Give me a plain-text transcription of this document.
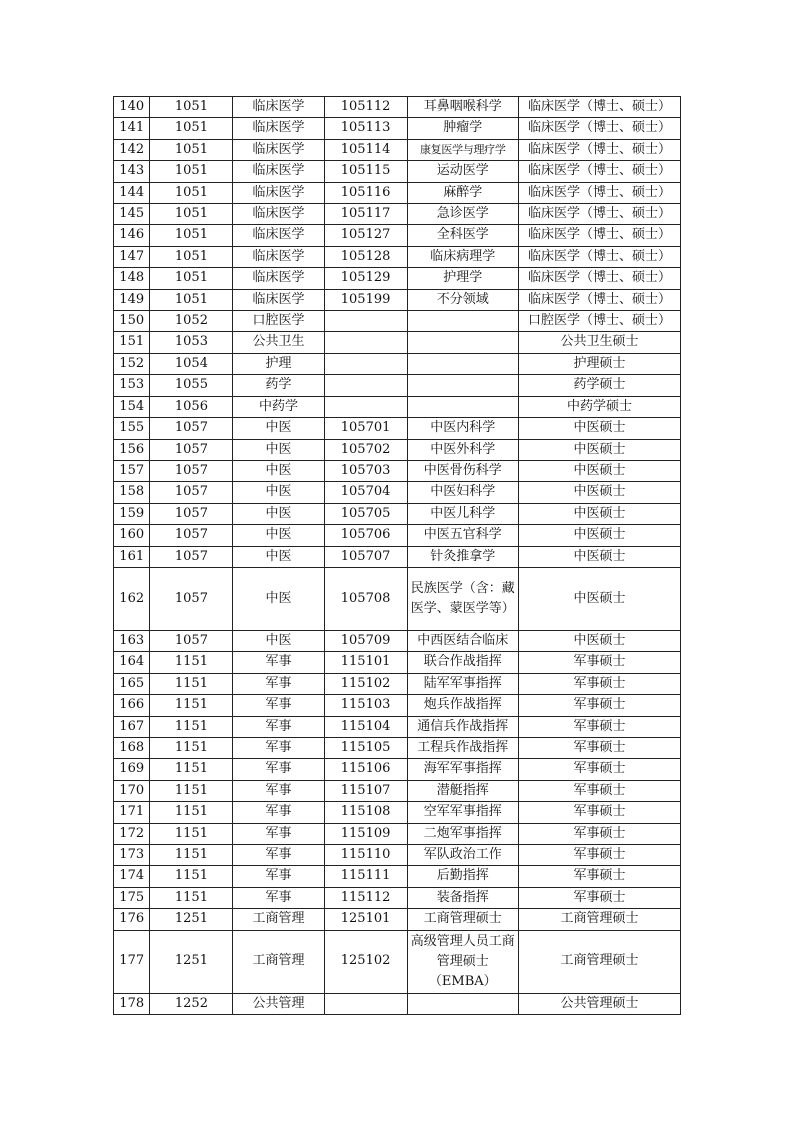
140	1051	临床医学	105112	耳鼻咽喉科学	临床医学（博士、硕士）
141	1051	临床医学	105113	肿瘤学	临床医学（博士、硕士）
142	1051	临床医学	105114	康复医学与理疗学	临床医学（博士、硕士）
143	1051	临床医学	105115	运动医学	临床医学（博士、硕士）
144	1051	临床医学	105116	麻醉学	临床医学（博士、硕士）
145	1051	临床医学	105117	急诊医学	临床医学（博士、硕士）
146	1051	临床医学	105127	全科医学	临床医学（博士、硕士）
147	1051	临床医学	105128	临床病理学	临床医学（博士、硕士）
148	1051	临床医学	105129	护理学	临床医学（博士、硕士）
149	1051	临床医学	105199	不分领域	临床医学（博士、硕士）
150	1052	口腔医学			口腔医学（博士、硕士）
151	1053	公共卫生			公共卫生硕士
152	1054	护理			护理硕士
153	1055	药学			药学硕士
154	1056	中药学			中药学硕士
155	1057	中医	105701	中医内科学	中医硕士
156	1057	中医	105702	中医外科学	中医硕士
157	1057	中医	105703	中医骨伤科学	中医硕士
158	1057	中医	105704	中医妇科学	中医硕士
159	1057	中医	105705	中医儿科学	中医硕士
160	1057	中医	105706	中医五官科学	中医硕士
161	1057	中医	105707	针灸推拿学	中医硕士
162	1057	中医	105708	民族医学（含：藏医学、蒙医学等）	中医硕士
163	1057	中医	105709	中西医结合临床	中医硕士
164	1151	军事	115101	联合作战指挥	军事硕士
165	1151	军事	115102	陆军军事指挥	军事硕士
166	1151	军事	115103	炮兵作战指挥	军事硕士
167	1151	军事	115104	通信兵作战指挥	军事硕士
168	1151	军事	115105	工程兵作战指挥	军事硕士
169	1151	军事	115106	海军军事指挥	军事硕士
170	1151	军事	115107	潜艇指挥	军事硕士
171	1151	军事	115108	空军军事指挥	军事硕士
172	1151	军事	115109	二炮军事指挥	军事硕士
173	1151	军事	115110	军队政治工作	军事硕士
174	1151	军事	115111	后勤指挥	军事硕士
175	1151	军事	115112	装备指挥	军事硕士
176	1251	工商管理	125101	工商管理硕士	工商管理硕士
177	1251	工商管理	125102	高级管理人员工商管理硕士（EMBA）	工商管理硕士
178	1252	公共管理			公共管理硕士
